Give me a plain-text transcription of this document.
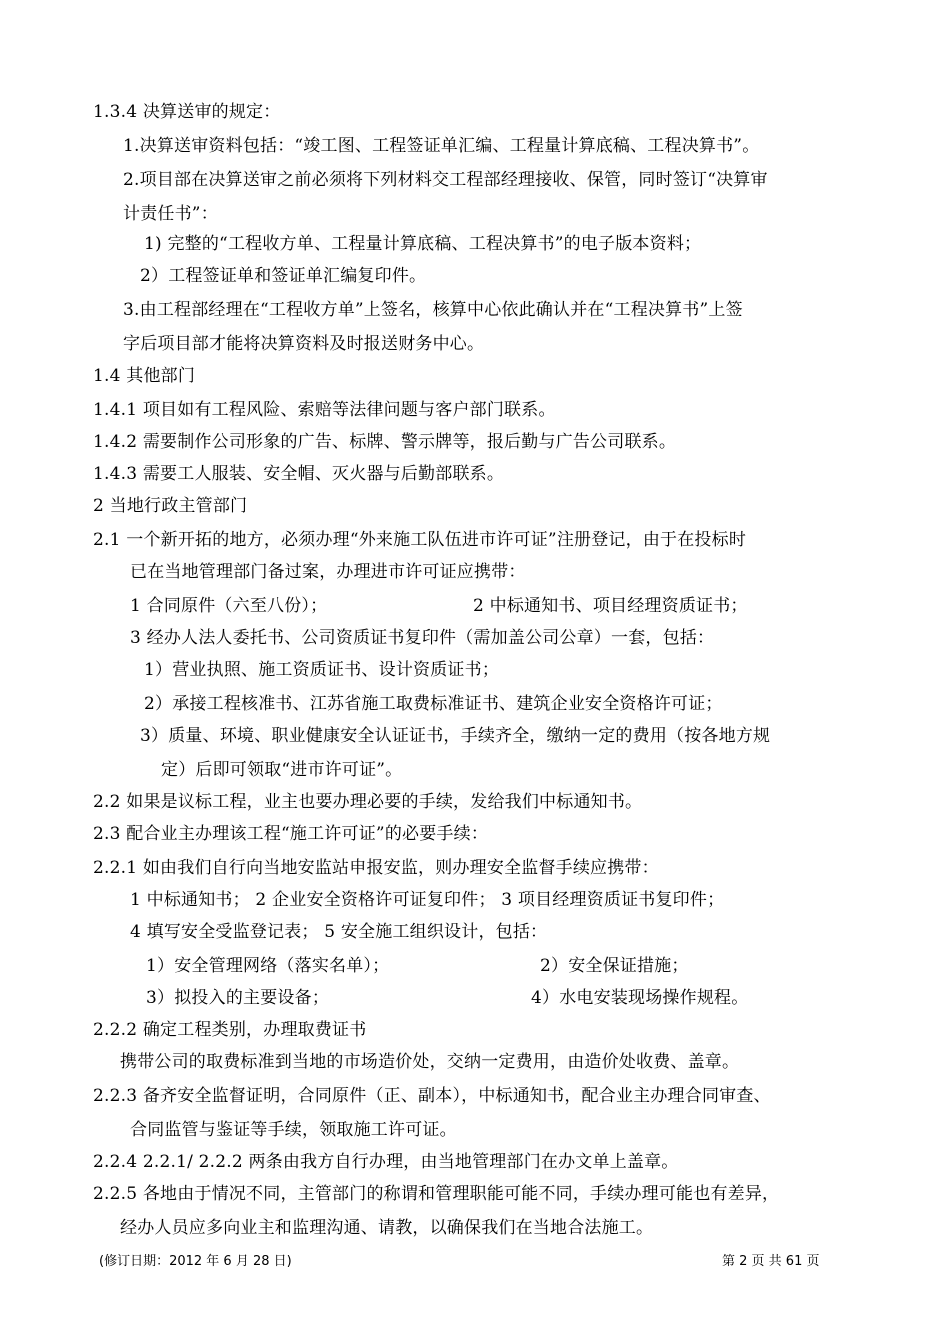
1.3.4 决算送审的规定：
1.决算送审资料包括：“竣工图、工程签证单汇编、工程量计算底稿、工程决算书”。
2.项目部在决算送审之前必须将下列材料交工程部经理接收、保管，同时签订“决算审
计责任书”：
1) 完整的“工程收方单、工程量计算底稿、工程决算书”的电子版本资料；
2）工程签证单和签证单汇编复印件。
3.由工程部经理在“工程收方单”上签名，核算中心依此确认并在“工程决算书”上签
字后项目部才能将决算资料及时报送财务中心。
1.4 其他部门
1.4.1 项目如有工程风险、索赔等法律问题与客户部门联系。
1.4.2 需要制作公司形象的广告、标牌、警示牌等，报后勤与广告公司联系。
1.4.3 需要工人服装、安全帽、灭火器与后勤部联系。
2 当地行政主管部门
2.1 一个新开拓的地方，必须办理“外来施工队伍进市许可证”注册登记，由于在投标时
已在当地管理部门备过案，办理进市许可证应携带：
1 合同原件（六至八份）；	2 中标通知书、项目经理资质证书；
3 经办人法人委托书、公司资质证书复印件（需加盖公司公章）一套，包括：
1）营业执照、施工资质证书、设计资质证书；
2）承接工程核准书、江苏省施工取费标准证书、建筑企业安全资格许可证；
3）质量、环境、职业健康安全认证证书，手续齐全，缴纳一定的费用（按各地方规
定）后即可领取“进市许可证”。
2.2 如果是议标工程，业主也要办理必要的手续，发给我们中标通知书。
2.3 配合业主办理该工程“施工许可证”的必要手续：
2.2.1 如由我们自行向当地安监站申报安监，则办理安全监督手续应携带：
1 中标通知书； 2 企业安全资格许可证复印件； 3 项目经理资质证书复印件；
4 填写安全受监登记表； 5 安全施工组织设计，包括：
1）安全管理网络（落实名单）；	2）安全保证措施；
3）拟投入的主要设备；	4）水电安装现场操作规程。
2.2.2 确定工程类别，办理取费证书
携带公司的取费标准到当地的市场造价处，交纳一定费用，由造价处收费、盖章。
2.2.3 备齐安全监督证明，合同原件（正、副本），中标通知书，配合业主办理合同审查、
合同监管与鉴证等手续，领取施工许可证。
2.2.4 2.2.1/ 2.2.2 两条由我方自行办理，由当地管理部门在办文单上盖章。
2.2.5 各地由于情况不同，主管部门的称谓和管理职能可能不同，手续办理可能也有差异，
经办人员应多向业主和监理沟通、请教，以确保我们在当地合法施工。
(修订日期：2012 年 6 月 28 日)	第 2 页 共 61 页
